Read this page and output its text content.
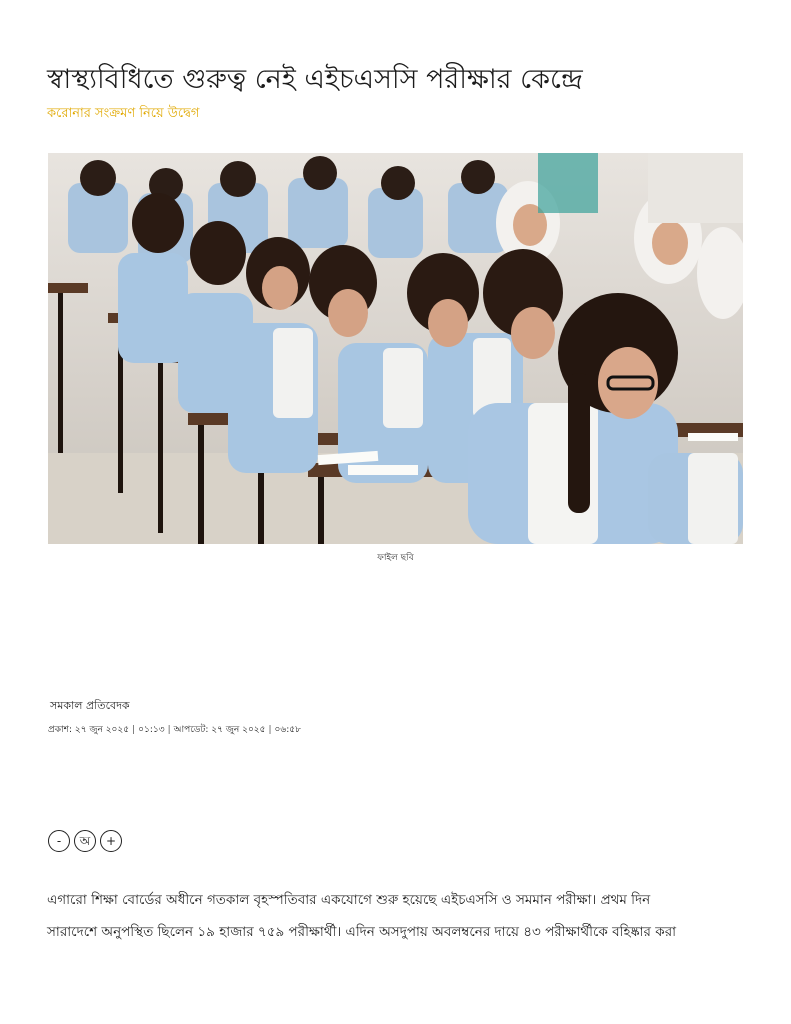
স্বাস্থ্যবিধিতে গুরুত্ব নেই এইচএসসি পরীক্ষার কেন্দ্রে
করোনার সংক্রমণ নিয়ে উদ্বেগ
ফাইল ছবি
সমকাল প্রতিবেদক
প্রকাশ: ২৭ জুন ২০২৫ | ০১:১৩ | আপডেট: ২৭ জুন ২০২৫ | ০৬:৫৮
-	অ	+
এগারো শিক্ষা বোর্ডের অধীনে গতকাল বৃহস্পতিবার একযোগে শুরু হয়েছে এইচএসসি ও সমমান পরীক্ষা। প্রথম দিন
সারাদেশে অনুপস্থিত ছিলেন ১৯ হাজার ৭৫৯ পরীক্ষার্থী। এদিন অসদুপায় অবলম্বনের দায়ে ৪৩ পরীক্ষার্থীকে বহিষ্কার করা
